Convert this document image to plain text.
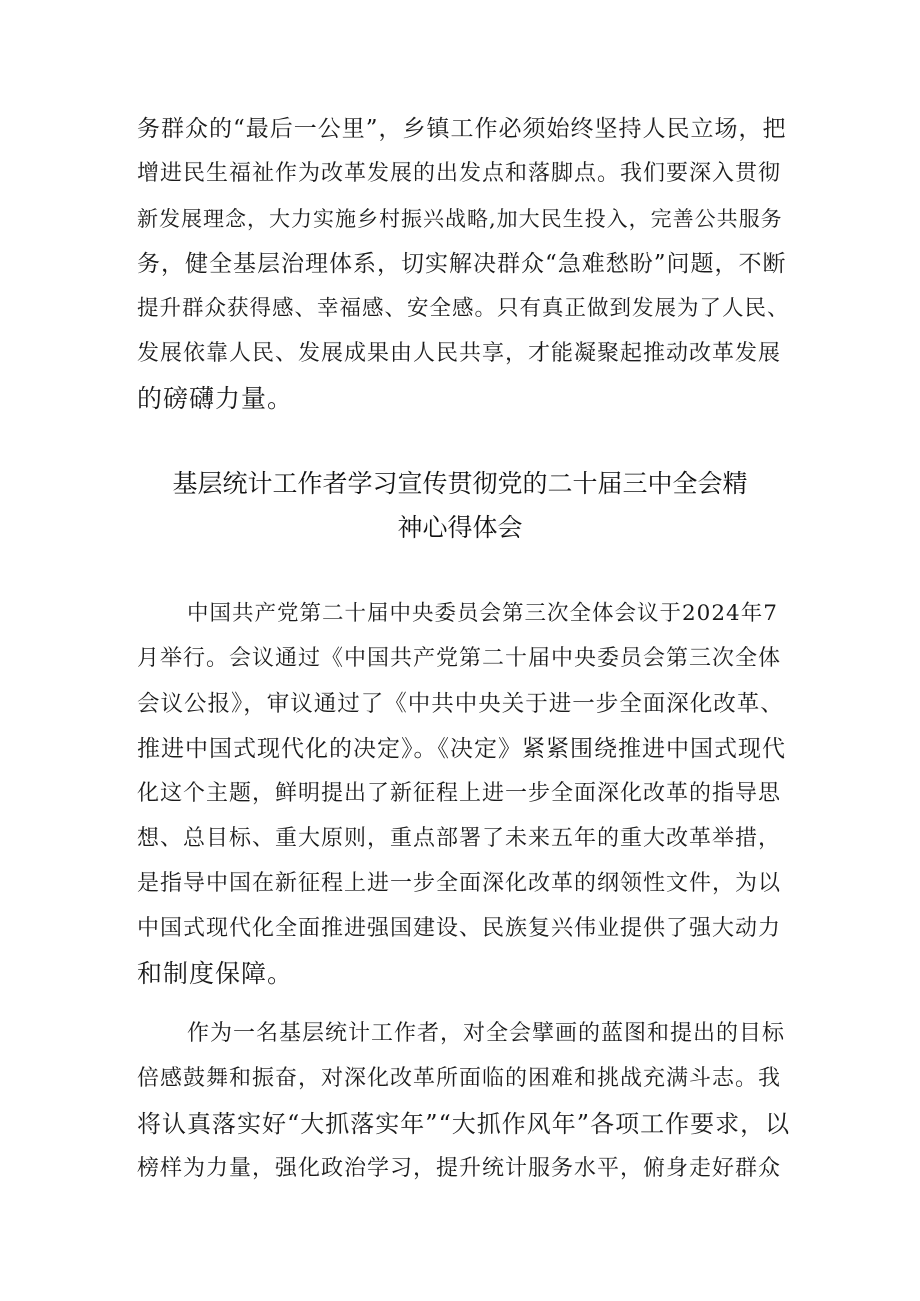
务群众的“最后一公里”，乡镇工作必须始终坚持人民立场，把
增进民生福祉作为改革发展的出发点和落脚点。我们要深入贯彻
新发展理念，大力实施乡村振兴战略,加大民生投入，完善公共服务
务，健全基层治理体系，切实解决群众“急难愁盼”问题，不断
提升群众获得感、幸福感、安全感。只有真正做到发展为了人民、
发展依靠人民、发展成果由人民共享，才能凝聚起推动改革发展
的磅礴力量。
基层统计工作者学习宣传贯彻党的二十届三中全会精
神心得体会
中国共产党第二十届中央委员会第三次全体会议于2024年7
月举行。会议通过《中国共产党第二十届中央委员会第三次全体
会议公报》，审议通过了《中共中央关于进一步全面深化改革、
推进中国式现代化的决定》。《决定》紧紧围绕推进中国式现代
化这个主题，鲜明提出了新征程上进一步全面深化改革的指导思
想、总目标、重大原则，重点部署了未来五年的重大改革举措，
是指导中国在新征程上进一步全面深化改革的纲领性文件，为以
中国式现代化全面推进强国建设、民族复兴伟业提供了强大动力
和制度保障。
作为一名基层统计工作者，对全会擘画的蓝图和提出的目标
倍感鼓舞和振奋，对深化改革所面临的困难和挑战充满斗志。我
将认真落实好“大抓落实年”“大抓作风年”各项工作要求，以
榜样为力量，强化政治学习，提升统计服务水平，俯身走好群众
